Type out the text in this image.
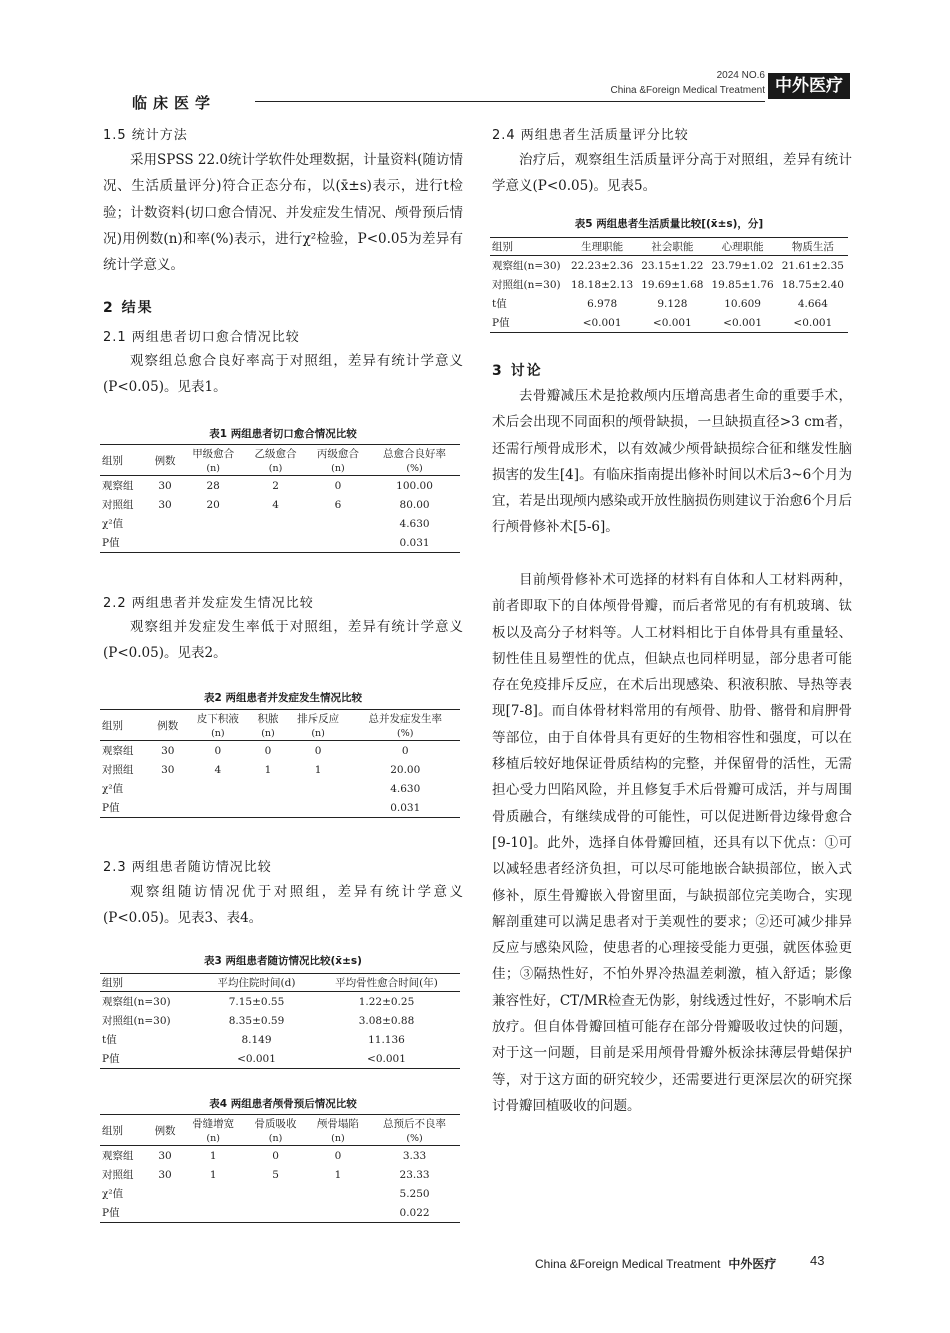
临床医学
2024 NO.6
China &Foreign Medical Treatment 中外医疗
1.5 统计方法

采用SPSS 22.0统计学软件处理数据，计量资料(随访情况、生活质量评分)符合正态分布，以(x̄±s)表示，进行t检验；计数资料(切口愈合情况、并发症发生情况、颅骨预后情况)用例数(n)和率(%)表示，进行χ²检验，P<0.05为差异有统计学意义。

2 结果
2.1 两组患者切口愈合情况比较

观察组总愈合良好率高于对照组，差异有统计学意义(P<0.05)。见表1。

表1 两组患者切口愈合情况比较
组别	例数	甲级愈合	乙级愈合	丙级愈合	总愈合良好率
		(n)	(n)	(n)	(%)
观察组	30	28	2	0	100.00
对照组	30	20	4	6	80.00
χ²值					4.630
P值					0.031
2.2 两组患者并发症发生情况比较

观察组并发症发生率低于对照组，差异有统计学意义(P<0.05)。见表2。

表2 两组患者并发症发生情况比较
组别	例数	皮下积液	积脓	排斥反应	总并发症发生率
		(n)	(n)	(n)	(%)
观察组	30	0	0	0	0
对照组	30	4	1	1	20.00
χ²值					4.630
P值					0.031
2.3 两组患者随访情况比较

观察组随访情况优于对照组，差异有统计学意义(P<0.05)。见表3、表4。

表3 两组患者随访情况比较(x̄±s)
组别	平均住院时间(d)	平均骨性愈合时间(年)
观察组(n=30)	7.15±0.55	1.22±0.25
对照组(n=30)	8.35±0.59	3.08±0.88
t值	8.149	11.136
P值	<0.001	<0.001
表4 两组患者颅骨预后情况比较
组别	例数	骨缝增宽	骨质吸收	颅骨塌陷	总预后不良率
		(n)	(n)	(n)	(%)
观察组	30	1	0	0	3.33
对照组	30	1	5	1	23.33
χ²值					5.250
P值					0.022
2.4 两组患者生活质量评分比较

治疗后，观察组生活质量评分高于对照组，差异有统计学意义(P<0.05)。见表5。

表5 两组患者生活质量比较[(x̄±s)，分]
组别	生理职能	社会职能	心理职能	物质生活
观察组(n=30)	22.23±2.36	23.15±1.22	23.79±1.02	21.61±2.35
对照组(n=30)	18.18±2.13	19.69±1.68	19.85±1.76	18.75±2.40
t值	6.978	9.128	10.609	4.664
P值	<0.001	<0.001	<0.001	<0.001
3 讨论

去骨瓣减压术是抢救颅内压增高患者生命的重要手术，术后会出现不同面积的颅骨缺损，一旦缺损直径>3 cm者，还需行颅骨成形术，以有效减少颅骨缺损综合征和继发性脑损害的发生[4]。有临床指南提出修补时间以术后3~6个月为宜，若是出现颅内感染或开放性脑损伤则建议于治愈6个月后行颅骨修补术[5-6]。

目前颅骨修补术可选择的材料有自体和人工材料两种，前者即取下的自体颅骨骨瓣，而后者常见的有有机玻璃、钛板以及高分子材料等。人工材料相比于自体骨具有重量轻、韧性佳且易塑性的优点，但缺点也同样明显，部分患者可能存在免疫排斥反应，在术后出现感染、积液积脓、导热等表现[7-8]。而自体骨材料常用的有颅骨、肋骨、髂骨和肩胛骨等部位，由于自体骨具有更好的生物相容性和强度，可以在移植后较好地保证骨质结构的完整，并保留骨的活性，无需担心受力凹陷风险，并且修复手术后骨瓣可成活，并与周围骨质融合，有继续成骨的可能性，可以促进断骨边缘骨愈合[9-10]。此外，选择自体骨瓣回植，还具有以下优点：①可以减轻患者经济负担，可以尽可能地嵌合缺损部位，嵌入式修补，原生骨瓣嵌入骨窗里面，与缺损部位完美吻合，实现解剖重建可以满足患者对于美观性的要求；②还可减少排异反应与感染风险，使患者的心理接受能力更强，就医体验更佳；③隔热性好，不怕外界冷热温差刺激，植入舒适；影像兼容性好，CT/MR检查无伪影，射线透过性好，不影响术后放疗。但自体骨瓣回植可能存在部分骨瓣吸收过快的问题，对于这一问题，目前是采用颅骨骨瓣外板涂抹薄层骨蜡保护等，对于这方面的研究较少，还需要进行更深层次的研究探讨骨瓣回植吸收的问题。

China &Foreign Medical Treatment 中外医疗	43
